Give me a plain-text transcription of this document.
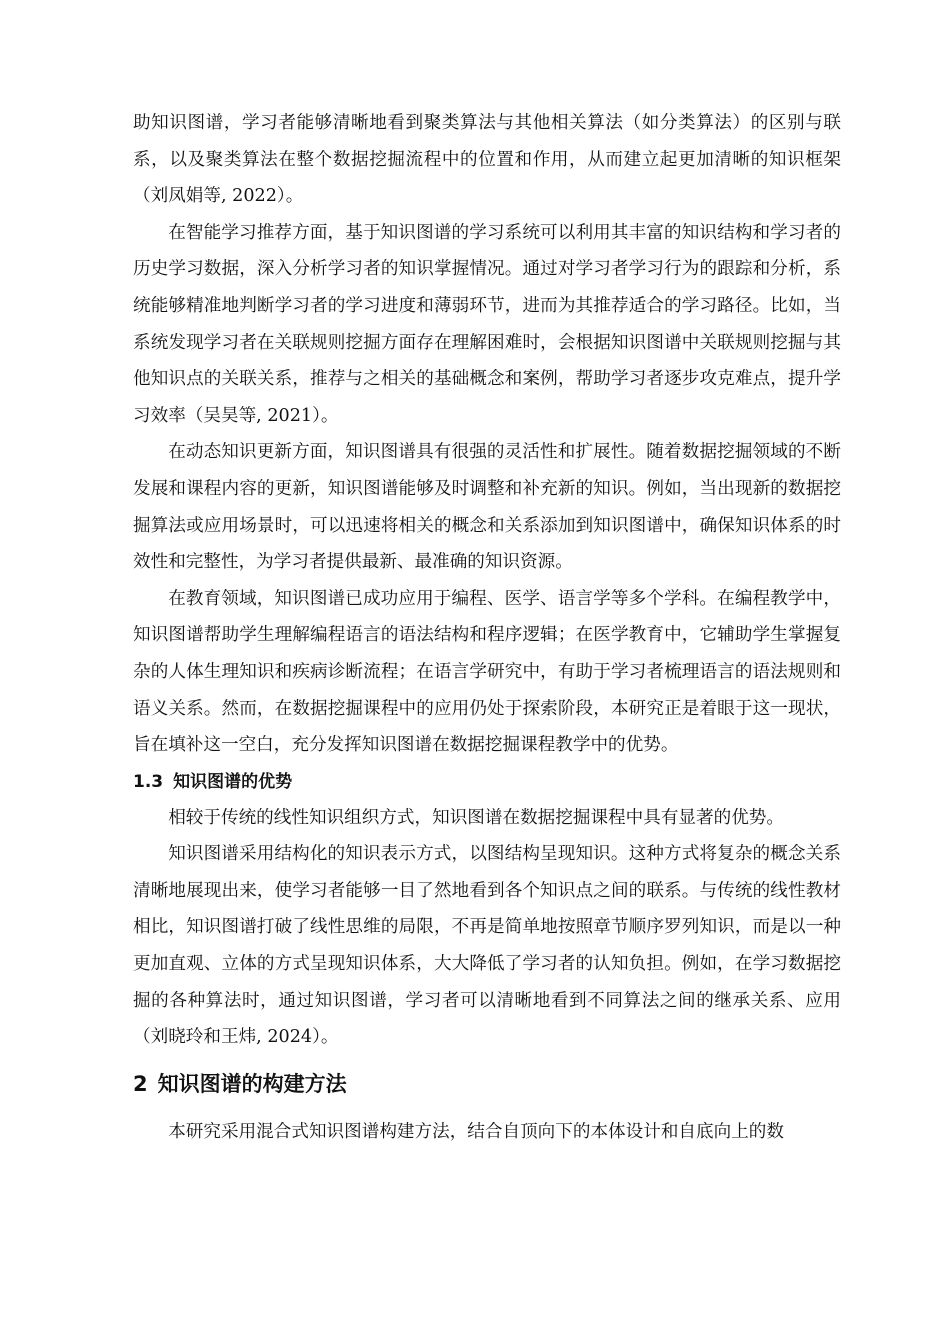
助知识图谱，学习者能够清晰地看到聚类算法与其他相关算法（如分类算法）的区别与联系，以及聚类算法在整个数据挖掘流程中的位置和作用，从而建立起更加清晰的知识框架（刘凤娟等, 2022）。

在智能学习推荐方面，基于知识图谱的学习系统可以利用其丰富的知识结构和学习者的历史学习数据，深入分析学习者的知识掌握情况。通过对学习者学习行为的跟踪和分析，系统能够精准地判断学习者的学习进度和薄弱环节，进而为其推荐适合的学习路径。比如，当系统发现学习者在关联规则挖掘方面存在理解困难时，会根据知识图谱中关联规则挖掘与其他知识点的关联关系，推荐与之相关的基础概念和案例，帮助学习者逐步攻克难点，提升学习效率（吴昊等, 2021）。

在动态知识更新方面，知识图谱具有很强的灵活性和扩展性。随着数据挖掘领域的不断发展和课程内容的更新，知识图谱能够及时调整和补充新的知识。例如，当出现新的数据挖掘算法或应用场景时，可以迅速将相关的概念和关系添加到知识图谱中，确保知识体系的时效性和完整性，为学习者提供最新、最准确的知识资源。

在教育领域，知识图谱已成功应用于编程、医学、语言学等多个学科。在编程教学中，知识图谱帮助学生理解编程语言的语法结构和程序逻辑；在医学教育中，它辅助学生掌握复杂的人体生理知识和疾病诊断流程；在语言学研究中，有助于学习者梳理语言的语法规则和语义关系。然而，在数据挖掘课程中的应用仍处于探索阶段，本研究正是着眼于这一现状，旨在填补这一空白，充分发挥知识图谱在数据挖掘课程教学中的优势。

1.3 知识图谱的优势

相较于传统的线性知识组织方式，知识图谱在数据挖掘课程中具有显著的优势。

知识图谱采用结构化的知识表示方式，以图结构呈现知识。这种方式将复杂的概念关系清晰地展现出来，使学习者能够一目了然地看到各个知识点之间的联系。与传统的线性教材相比，知识图谱打破了线性思维的局限，不再是简单地按照章节顺序罗列知识，而是以一种更加直观、立体的方式呈现知识体系，大大降低了学习者的认知负担。例如，在学习数据挖掘的各种算法时，通过知识图谱，学习者可以清晰地看到不同算法之间的继承关系、应用（刘晓玲和王炜, 2024）。

2 知识图谱的构建方法

本研究采用混合式知识图谱构建方法，结合自顶向下的本体设计和自底向上的数
